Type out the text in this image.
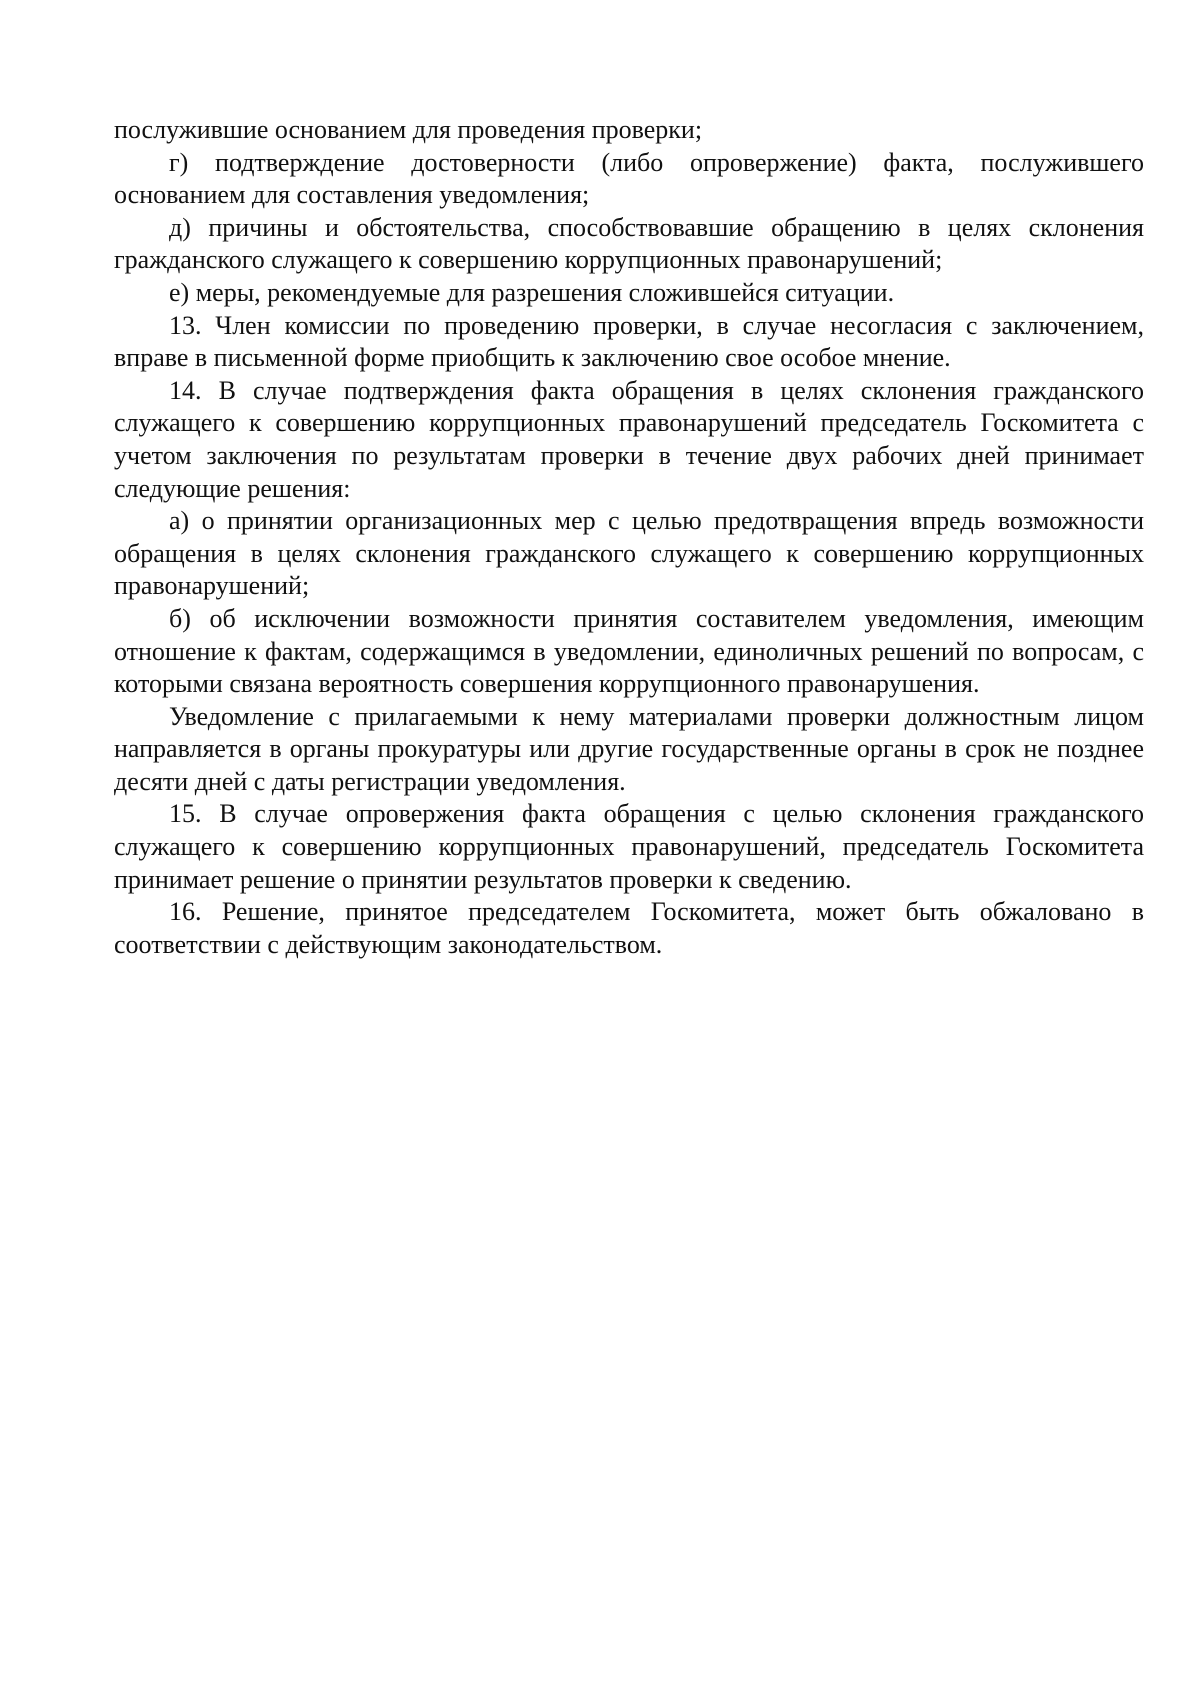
послужившие основанием для проведения проверки;

г) подтверждение достоверности (либо опровержение) факта, послужившего основанием для составления уведомления;

д) причины и обстоятельства, способствовавшие обращению в целях склонения гражданского служащего к совершению коррупционных правонарушений;

е) меры, рекомендуемые для разрешения сложившейся ситуации.

13. Член комиссии по проведению проверки, в случае несогласия с заключением, вправе в письменной форме приобщить к заключению свое особое мнение.

14. В случае подтверждения факта обращения в целях склонения гражданского служащего к совершению коррупционных правонарушений председатель Госкомитета с учетом заключения по результатам проверки в течение двух рабочих дней принимает следующие решения:

а) о принятии организационных мер с целью предотвращения впредь возможности обращения в целях склонения гражданского служащего к совершению коррупционных правонарушений;

б) об исключении возможности принятия составителем уведомления, имеющим отношение к фактам, содержащимся в уведомлении, единоличных решений по вопросам, с которыми связана вероятность совершения коррупционного правонарушения.

Уведомление с прилагаемыми к нему материалами проверки должностным лицом направляется в органы прокуратуры или другие государственные органы в срок не позднее десяти дней с даты регистрации уведомления.

15. В случае опровержения факта обращения с целью склонения гражданского служащего к совершению коррупционных правонарушений, председатель Госкомитета принимает решение о принятии результатов проверки к сведению.

16. Решение, принятое председателем Госкомитета, может быть обжаловано в соответствии с действующим законодательством.
